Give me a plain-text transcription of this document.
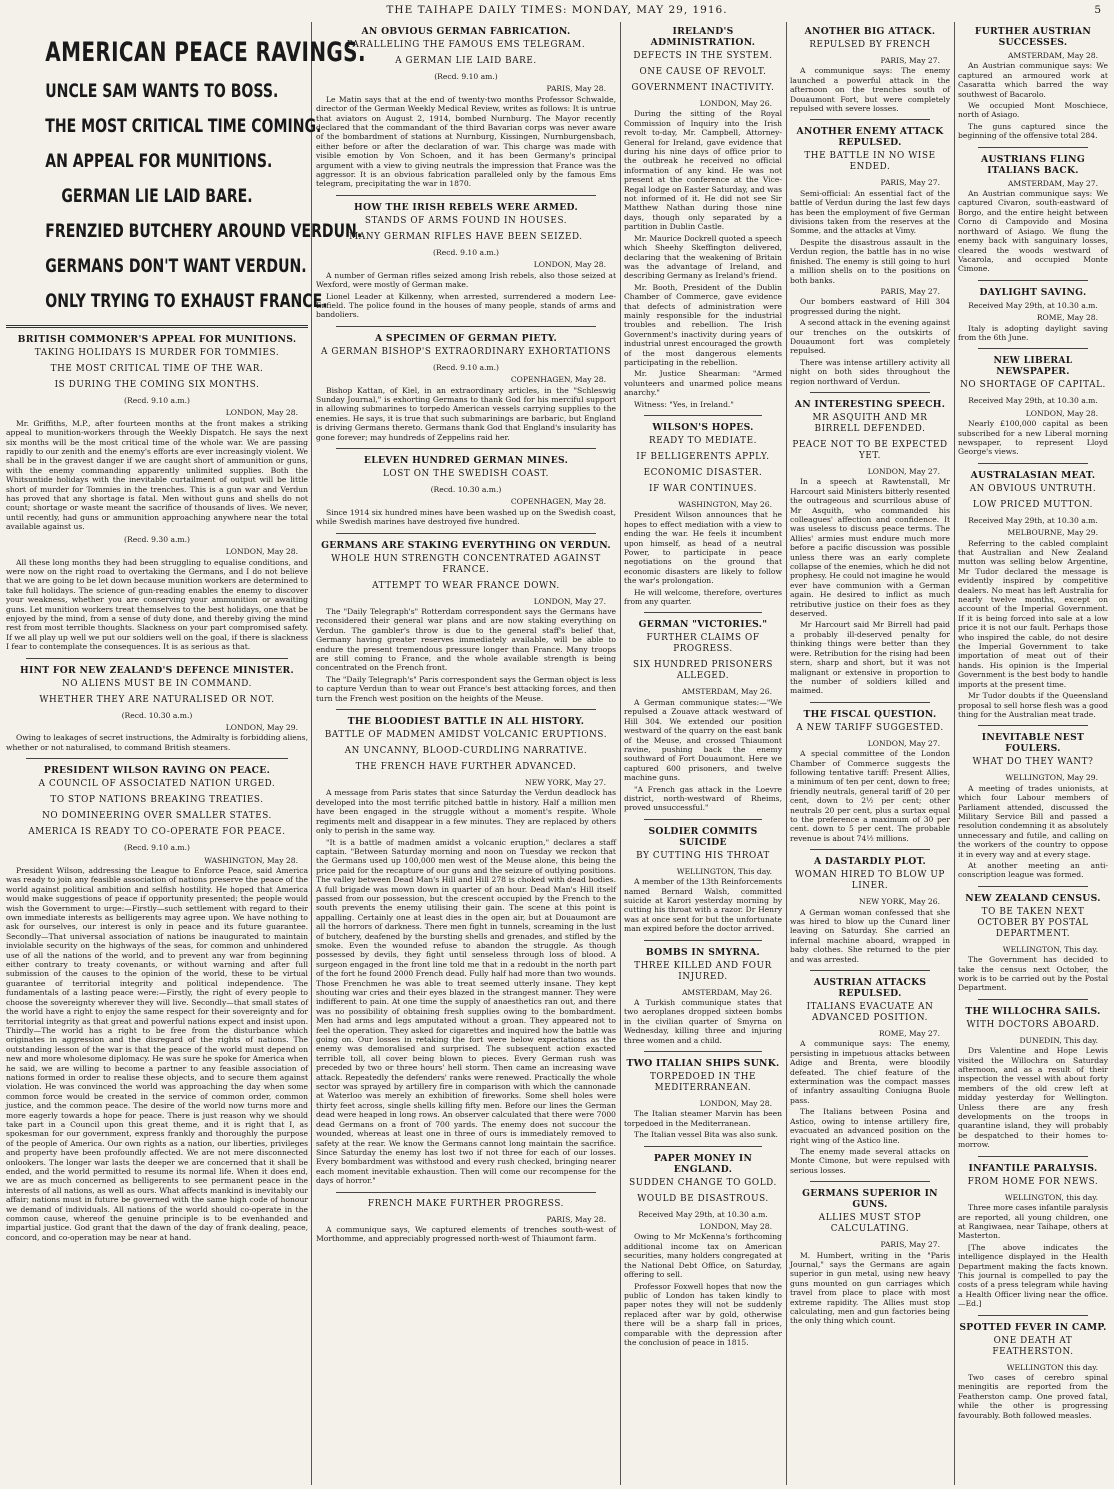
THE TAIHAPE DAILY TIMES: MONDAY, MAY 29, 1916.	5
AMERICAN PEACE RAVINGS.
UNCLE SAM WANTS TO BOSS.
THE MOST CRITICAL TIME COMING.
AN APPEAL FOR MUNITIONS.
GERMAN LIE LAID BARE.
FRENZIED BUTCHERY AROUND VERDUN.
GERMANS DON'T WANT VERDUN.
ONLY TRYING TO EXHAUST FRANCE.
BRITISH COMMONER'S APPEAL FOR MUNITIONS.
TAKING HOLIDAYS IS MURDER FOR TOMMIES.
THE MOST CRITICAL TIME OF THE WAR.
IS DURING THE COMING SIX MONTHS.
(Recd. 9.10 a.m.)
LONDON, May 28.
Mr. Griffiths, M.P., after fourteen months at the front makes a striking appeal to munition-workers through the Weekly Dispatch. He says the next six months will be the most critical time of the whole war. We are passing rapidly to our zenith and the enemy's efforts are ever increasingly violent. We shall be in the gravest danger if we are caught short of ammunition or guns, with the enemy commanding apparently unlimited supplies. Both the Whitsuntide holidays with the inevitable curtailment of output will be little short of murder for Tommies in the trenches. This is a gun war and Verdun has proved that any shortage is fatal. Men without guns and shells do not count; shortage or waste meant the sacrifice of thousands of lives. We never, until recently, had guns or ammunition approaching anywhere near the total available against us.
(Recd. 9.30 a.m.)
LONDON, May 28.
All these long months they had been struggling to equalise conditions, and were now on the right road to overtaking the Germans, and I do not believe that we are going to be let down because munition workers are determined to take full holidays. The science of gun-reading enables the enemy to discover your weakness, whether you are conserving your ammunition or awaiting guns. Let munition workers treat themselves to the best holidays, one that be enjoyed by the mind, from a sense of duty done, and thereby giving the mind rest from most terrible thoughts. Slackness on your part compromised safety. If we all play up well we put our soldiers well on the goal, if there is slackness I fear to contemplate the consequences. It is as serious as that.
HINT FOR NEW ZEALAND'S DEFENCE MINISTER.
NO ALIENS MUST BE IN COMMAND.
WHETHER THEY ARE NATURALISED OR NOT.
(Recd. 10.30 a.m.)
LONDON, May 29.
Owing to leakages of secret instructions, the Admiralty is forbidding aliens, whether or not naturalised, to command British steamers.
PRESIDENT WILSON RAVING ON PEACE.
A COUNCIL OF ASSOCIATED NATION URGED.
TO STOP NATIONS BREAKING TREATIES.
NO DOMINEERING OVER SMALLER STATES.
AMERICA IS READY TO CO-OPERATE FOR PEACE.
(Recd. 9.10 a.m.)
WASHINGTON, May 28.
President Wilson, addressing the League to Enforce Peace, said America was ready to join any feasible association of nations preserve the peace of the world against political ambition and selfish hostility. He hoped that America would make suggestions of peace if opportunity presented; the people would wish the Government to urge:—Firstly—such settlement with regard to their own immediate interests as belligerents may agree upon. We have nothing to ask for ourselves, our interest is only in peace and its future guarantee. Secondly—That universal association of nations be inaugurated to maintain inviolable security on the highways of the seas, for common and unhindered use of all the nations of the world, and to prevent any war from beginning either contrary to treaty covenants, or without warning and after full submission of the causes to the opinion of the world, these to be virtual guarantee of territorial integrity and political independence. The fundamentals of a lasting peace were:—Firstly, the right of every people to choose the sovereignty wherever they will live. Secondly—that small states of the world have a right to enjoy the same respect for their sovereignty and for territorial integrity as that great and powerful nations expect and insist upon. Thirdly—The world has a right to be free from the disturbance which originates in aggression and the disregard of the rights of nations. The outstanding lesson of the war is that the peace of the world must depend on new and more wholesome diplomacy. He was sure he spoke for America when he said, we are willing to become a partner to any feasible association of nations formed in order to realise these objects, and to secure them against violation. He was convinced the world was approaching the day when some common force would be created in the service of common order, common justice, and the common peace. The desire of the world now turns more and more eagerly towards a hope for peace. There is just reason why we should take part in a Council upon this great theme, and it is right that I, as spokesman for our government, express frankly and thoroughly the purpose of the people of America. Our own rights as a nation, our liberties, privileges and property have been profoundly affected. We are not mere disconnected onlookers. The longer war lasts the deeper we are concerned that it shall be ended, and the world permitted to resume its normal life. When it does end, we are as much concerned as belligerents to see permanent peace in the interests of all nations, as well as ours. What affects mankind is inevitably our affair; nations must in future be governed with the same high code of honour we demand of individuals. All nations of the world should co-operate in the common cause, whereof the genuine principle is to be evenhanded and impartial justice. God grant that the dawn of the day of frank dealing, peace, concord, and co-operation may be near at hand.
AN OBVIOUS GERMAN FABRICATION.
PARALLELING THE FAMOUS EMS TELEGRAM.
A GERMAN LIE LAID BARE.
(Recd. 9.10 am.)
PARIS, May 28.
Le Matin says that at the end of twenty-two months Professor Schwalde, director of the German Weekly Medical Review, writes as follows: It is untrue that aviators on August 2, 1914, bombed Nurnburg. The Mayor recently declared that the commandant of the third Bavarian corps was never aware of the bombardment of stations at Nurnburg, Kissingen, Nurnburgensbach, either before or after the declaration of war. This charge was made with visible emotion by Von Schoen, and it has been Germany's principal argument with a view to giving neutrals the impression that France was the aggressor. It is an obvious fabrication paralleled only by the famous Ems telegram, precipitating the war in 1870.
HOW THE IRISH REBELS WERE ARMED.
STANDS OF ARMS FOUND IN HOUSES.
MANY GERMAN RIFLES HAVE BEEN SEIZED.
(Recd. 9.10 a.m.)
LONDON, May 28.
A number of German rifles seized among Irish rebels, also those seized at Wexford, were mostly of German make.
Lionel Leader at Kilkenny, when arrested, surrendered a modern Lee-Enfield. The police found in the houses of many people, stands of arms and bandoliers.
A SPECIMEN OF GERMAN PIETY.
A GERMAN BISHOP'S EXTRAORDINARY EXHORTATIONS
(Recd. 9.10 a.m.)
COPENHAGEN, May 28.
Bishop Kattan, of Kiel, in an extraordinary articles, in the "Schleswig Sunday Journal," is exhorting Germans to thank God for his merciful support in allowing submarines to torpedo American vessels carrying supplies to the enemies. He says, it is true that such submarinings are barbaric, but England is driving Germans thereto. Germans thank God that England's insularity has gone forever; may hundreds of Zeppelins raid her.
ELEVEN HUNDRED GERMAN MINES.
LOST ON THE SWEDISH COAST.
(Recd. 10.30 a.m.)
COPENHAGEN, May 28.
Since 1914 six hundred mines have been washed up on the Swedish coast, while Swedish marines have destroyed five hundred.
GERMANS ARE STAKING EVERYTHING ON VERDUN.
WHOLE HUN STRENGTH CONCENTRATED AGAINST FRANCE.
ATTEMPT TO WEAR FRANCE DOWN.
LONDON, May 27.
The "Daily Telegraph's" Rotterdam correspondent says the Germans have reconsidered their general war plans and are now staking everything on Verdun. The gambler's throw is due to the general staff's belief that, Germany having greater reserves immediately available, will be able to endure the present tremendous pressure longer than France. Many troops are still coming to France, and the whole available strength is being concentrated on the French front.
The "Daily Telegraph's" Paris correspondent says the German object is less to capture Verdun than to wear out France's best attacking forces, and then turn the French west position on the heights of the Meuse.
THE BLOODIEST BATTLE IN ALL HISTORY.
BATTLE OF MADMEN AMIDST VOLCANIC ERUPTIONS.
AN UNCANNY, BLOOD-CURDLING NARRATIVE.
THE FRENCH HAVE FURTHER ADVANCED.
NEW YORK, May 27.
A message from Paris states that since Saturday the Verdun deadlock has developed into the most terrific pitched battle in history. Half a million men have been engaged in the struggle without a moment's respite. Whole regiments melt and disappear in a few minutes. They are replaced by others only to perish in the same way.
"It is a battle of madmen amidst a volcanic eruption," declares a staff captain. "Between Saturday morning and noon on Tuesday we reckon that the Germans used up 100,000 men west of the Meuse alone, this being the price paid for the recapture of our guns and the seizure of outlying positions. The valley between Dead Man's Hill and Hill 278 is choked with dead bodies. A full brigade was mown down in quarter of an hour. Dead Man's Hill itself passed from our possession, but the crescent occupied by the French to the south prevents the enemy utilising their gain. The scene at this point is appalling. Certainly one at least dies in the open air, but at Douaumont are all the horrors of darkness. There men fight in tunnels, screaming in the lust of butchery, deafened by the bursting shells and grenades, and stifled by the smoke. Even the wounded refuse to abandon the struggle. As though possessed by devils, they fight until senseless through loss of blood. A surgeon engaged in the front line told me that in a redoubt in the north part of the fort he found 2000 French dead. Fully half had more than two wounds. Those Frenchmen he was able to treat seemed utterly insane. They kept shouting war cries and their eyes blazed in the strangest manner. They were indifferent to pain. At one time the supply of anaesthetics ran out, and there was no possibility of obtaining fresh supplies owing to the bombardment. Men had arms and legs amputated without a groan. They appeared not to feel the operation. They asked for cigarettes and inquired how the battle was going on. Our losses in retaking the fort were below expectations as the enemy was demoralised and surprised. The subsequent action exacted terrible toll, all cover being blown to pieces. Every German rush was preceded by two or three hours' hell storm. Then came an increasing wave attack. Repeatedly the defenders' ranks were renewed. Practically the whole sector was sprayed by artillery fire in comparison with which the cannonade at Waterloo was merely an exhibition of fireworks. Some shell holes were thirty feet across, single shells killing fifty men. Before our lines the German dead were heaped in long rows. An observer calculated that there were 7000 dead Germans on a front of 700 yards. The enemy does not succour the wounded, whereas at least one in three of ours is immediately removed to safety at the rear. We know the Germans cannot long maintain the sacrifice. Since Saturday the enemy has lost two if not three for each of our losses. Every bombardment was withstood and every rush checked, bringing nearer each moment inevitable exhaustion. Then will come our recompense for the days of horror."
FRENCH MAKE FURTHER PROGRESS.
PARIS, May 28.
A communique says, We captured elements of trenches south-west of Morthomme, and appreciably progressed north-west of Thiaumont farm.
IRELAND'S ADMINISTRATION.
DEFECTS IN THE SYSTEM.
ONE CAUSE OF REVOLT.
GOVERNMENT INACTIVITY.
LONDON, May 26.
During the sitting of the Royal Commission of Inquiry into the Irish revolt to-day, Mr. Campbell, Attorney-General for Ireland, gave evidence that during his nine days of office prior to the outbreak he received no official information of any kind. He was not present at the conference at the Vice-Regal lodge on Easter Saturday, and was not informed of it. He did not see Sir Matthew Nathan during those nine days, though only separated by a partition in Dublin Castle.
Mr. Maurice Dockrell quoted a speech which Sheehy Skeffington delivered, declaring that the weakening of Britain was the advantage of Ireland, and describing Germany as Ireland's friend.
Mr. Booth, President of the Dublin Chamber of Commerce, gave evidence that defects of administration were mainly responsible for the industrial troubles and rebellion. The Irish Government's inactivity during years of industrial unrest encouraged the growth of the most dangerous elements participating in the rebellion.
Mr. Justice Shearman: "Armed volunteers and unarmed police means anarchy."
Witness: "Yes, in Ireland."
WILSON'S HOPES.
READY TO MEDIATE.
IF BELLIGERENTS APPLY.
ECONOMIC DISASTER.
IF WAR CONTINUES.
WASHINGTON, May 26.
President Wilson announces that he hopes to effect mediation with a view to ending the war. He feels it incumbent upon himself, as head of a neutral Power, to participate in peace negotiations on the ground that economic disasters are likely to follow the war's prolongation.
He will welcome, therefore, overtures from any quarter.
GERMAN "VICTORIES."
FURTHER CLAIMS OF PROGRESS.
SIX HUNDRED PRISONERS ALLEGED.
AMSTERDAM, May 26.
A German communique states:—"We repulsed a Zouave attack westward of Hill 304. We extended our position westward of the quarry on the east bank of the Meuse, and crossed Thiaumont ravine, pushing back the enemy southward of Fort Douaumont. Here we captured 600 prisoners, and twelve machine guns.
"A French gas attack in the Loevre district, north-westward of Rheims, proved unsuccessful."
SOLDIER COMMITS SUICIDE
BY CUTTING HIS THROAT
WELLINGTON, This day.
A member of the 13th Reinforcements named Bernard Walsh, committed suicide at Karori yesterday morning by cutting his throat with a razor. Dr Henry was at once sent for but the unfortunate man expired before the doctor arrived.
BOMBS IN SMYRNA.
THREE KILLED AND FOUR INJURED.
AMSTERDAM, May 26.
A Turkish communique states that two aeroplanes dropped sixteen bombs in the civilian quarter of Smyrna on Wednesday, killing three and injuring three women and a child.
TWO ITALIAN SHIPS SUNK.
TORPEDOED IN THE MEDITERRANEAN.
LONDON, May 28.
The Italian steamer Marvin has been torpedoed in the Mediterranean.
The Italian vessel Bita was also sunk.
PAPER MONEY IN ENGLAND.
SUDDEN CHANGE TO GOLD.
WOULD BE DISASTROUS.
Received May 29th, at 10.30 a.m.
LONDON, May 28.
Owing to Mr McKenna's forthcoming additional income tax on American securities, many holders congregated at the National Debt Office, on Saturday, offering to sell.
Professor Foxwell hopes that now the public of London has taken kindly to paper notes they will not be suddenly replaced after war by gold, otherwise there will be a sharp fall in prices, comparable with the depression after the conclusion of peace in 1815.
ANOTHER BIG ATTACK.
REPULSED BY FRENCH
PARIS, May 27.
A communique says: The enemy launched a powerful attack in the afternoon on the trenches south of Douaumont Fort, but were completely repulsed with severe losses.
ANOTHER ENEMY ATTACK REPULSED.
THE BATTLE IN NO WISE ENDED.
PARIS, May 27.
Semi-official: An essential fact of the battle of Verdun during the last few days has been the employment of five German divisions taken from the reserves at the Somme, and the attacks at Vimy.
Despite the disastrous assault in the Verdun region, the battle has in no wise finished. The enemy is still going to hurl a million shells on to the positions on both banks.
PARIS, May 27.
Our bombers eastward of Hill 304 progressed during the night.
A second attack in the evening against our trenches on the outskirts of Douaumont fort was completely repulsed.
There was intense artillery activity all night on both sides throughout the region northward of Verdun.
AN INTERESTING SPEECH.
MR ASQUITH AND MR BIRRELL DEFENDED.
PEACE NOT TO BE EXPECTED YET.
LONDON, May 27.
In a speech at Rawtenstall, Mr Harcourt said Ministers bitterly resented the outrageous and scurrilous abuse of Mr Asquith, who commanded his colleagues' affection and confidence. It was useless to discuss peace terms. The Allies' armies must endure much more before a pacific discussion was possible unless there was an early complete collapse of the enemies, which he did not prophesy. He could not imagine he would ever have communion with a German again. He desired to inflict as much retributive justice on their foes as they deserved.
Mr Harcourt said Mr Birrell had paid a probably ill-deserved penalty for thinking things were better than they were. Retribution for the rising had been stern, sharp and short, but it was not malignant or extensive in proportion to the number of soldiers killed and maimed.
THE FISCAL QUESTION.
A NEW TARIFF SUGGESTED.
LONDON, May 27.
A special committee of the London Chamber of Commerce suggests the following tentative tariff: Present Allies, a minimum of ten per cent, down to free; friendly neutrals, general tariff of 20 per cent, down to 2½ per cent; other neutrals 20 per cent, plus a surtax equal to the preference a maximum of 30 per cent. down to 5 per cent. The probable revenue is about 74½ millions.
A DASTARDLY PLOT.
WOMAN HIRED TO BLOW UP LINER.
NEW YORK, May 26.
A German woman confessed that she was hired to blow up the Cunard liner leaving on Saturday. She carried an infernal machine aboard, wrapped in baby clothes. She returned to the pier and was arrested.
AUSTRIAN ATTACKS REPULSED.
ITALIANS EVACUATE AN ADVANCED POSITION.
ROME, May 27.
A communique says: The enemy, persisting in impetuous attacks between Adige and Brenta, were bloodily defeated. The chief feature of the extermination was the compact masses of infantry assaulting Coniugna Buole pass.
The Italians between Posina and Astico, owing to intense artillery fire, evacuated an advanced position on the right wing of the Astico line.
The enemy made several attacks on Monte Cimone, but were repulsed with serious losses.
GERMANS SUPERIOR IN GUNS.
ALLIES MUST STOP CALCULATING.
PARIS, May 27.
M. Humbert, writing in the "Paris Journal," says the Germans are again superior in gun metal, using new heavy guns mounted on gun carriages which travel from place to place with most extreme rapidity. The Allies must stop calculating, men and gun factories being the only thing which count.
FURTHER AUSTRIAN SUCCESSES.
AMSTERDAM, May 28.
An Austrian communique says: We captured an armoured work at Casaratta which barred the way southwest of Bacarolo.
We occupied Mont Moschiece, north of Asiago.
The guns captured since the beginning of the offensive total 284.
AUSTRIANS FLING ITALIANS BACK.
AMSTERDAM, May 27.
An Austrian communique says: We captured Civaron, south-eastward of Borgo, and the entire height between Corno di Campovido and Mosina northward of Asiago. We flung the enemy back with sanguinary losses, cleared the woods westward of Vacarola, and occupied Monte Cimone.
DAYLIGHT SAVING.
Received May 29th, at 10.30 a.m.
ROME, May 28.
Italy is adopting daylight saving from the 6th June.
NEW LIBERAL NEWSPAPER.
NO SHORTAGE OF CAPITAL.
Received May 29th, at 10.30 a.m.
LONDON, May 28.
Nearly £100,000 capital as been subscribed for a new Liberal morning newspaper, to represent Lloyd George's views.
AUSTRALASIAN MEAT.
AN OBVIOUS UNTRUTH.
LOW PRICED MUTTON.
Received May 29th, at 10.30 a.m.
MELBOURNE, May 29.
Referring to the cabled complaint that Australian and New Zealand mutton was selling below Argentine, Mr Tudor declared the message is evidently inspired by competitive dealers. No meat has left Australia for nearly twelve months, except on account of the Imperial Government. If it is being forced into sale at a low price it is not our fault. Perhaps those who inspired the cable, do not desire the Imperial Government to take importation of meat out of their hands. His opinion is the Imperial Government is the best body to handle imports at the present time.
Mr Tudor doubts if the Queensland proposal to sell horse flesh was a good thing for the Australian meat trade.
INEVITABLE NEST FOULERS.
WHAT DO THEY WANT?
WELLINGTON, May 29.
A meeting of trades unionists, at which four Labour members of Parliament attended, discussed the Military Service Bill and passed a resolution condemning it as absolutely unnecessary and futile, and calling on the workers of the country to oppose it in every way and at every stage.
At another meeting an anti-conscription league was formed.
NEW ZEALAND CENSUS.
TO BE TAKEN NEXT OCTOBER BY POSTAL DEPARTMENT.
WELLINGTON, This day.
The Government has decided to take the census next October, the work is to be carried out by the Postal Department.
THE WILLOCHRA SAILS.
WITH DOCTORS ABOARD.
DUNEDIN, This day.
Drs Valentine and Hope Lewis visited the Willochra on Saturday afternoon, and as a result of their inspection the vessel with about forty members of the old crew left at midday yesterday for Wellington. Unless there are any fresh developments on the troops in quarantine island, they will probably be despatched to their homes to-morrow.
INFANTILE PARALYSIS.
FROM HOME FOR NEWS.
WELLINGTON, this day.
Three more cases infantile paralysis are reported, all young children, one at Rangiwaea, near Taihape, others at Masterton.
[The above indicates the intelligence displayed in the Health Department making the facts known. This journal is compelled to pay the costs of a press telegram while having a Health Officer living near the office.—Ed.]
SPOTTED FEVER IN CAMP.
ONE DEATH AT FEATHERSTON.
WELLINGTON this day.
Two cases of cerebro spinal meningitis are reported from the Featherston camp. One proved fatal, while the other is progressing favourably. Both followed measles.
